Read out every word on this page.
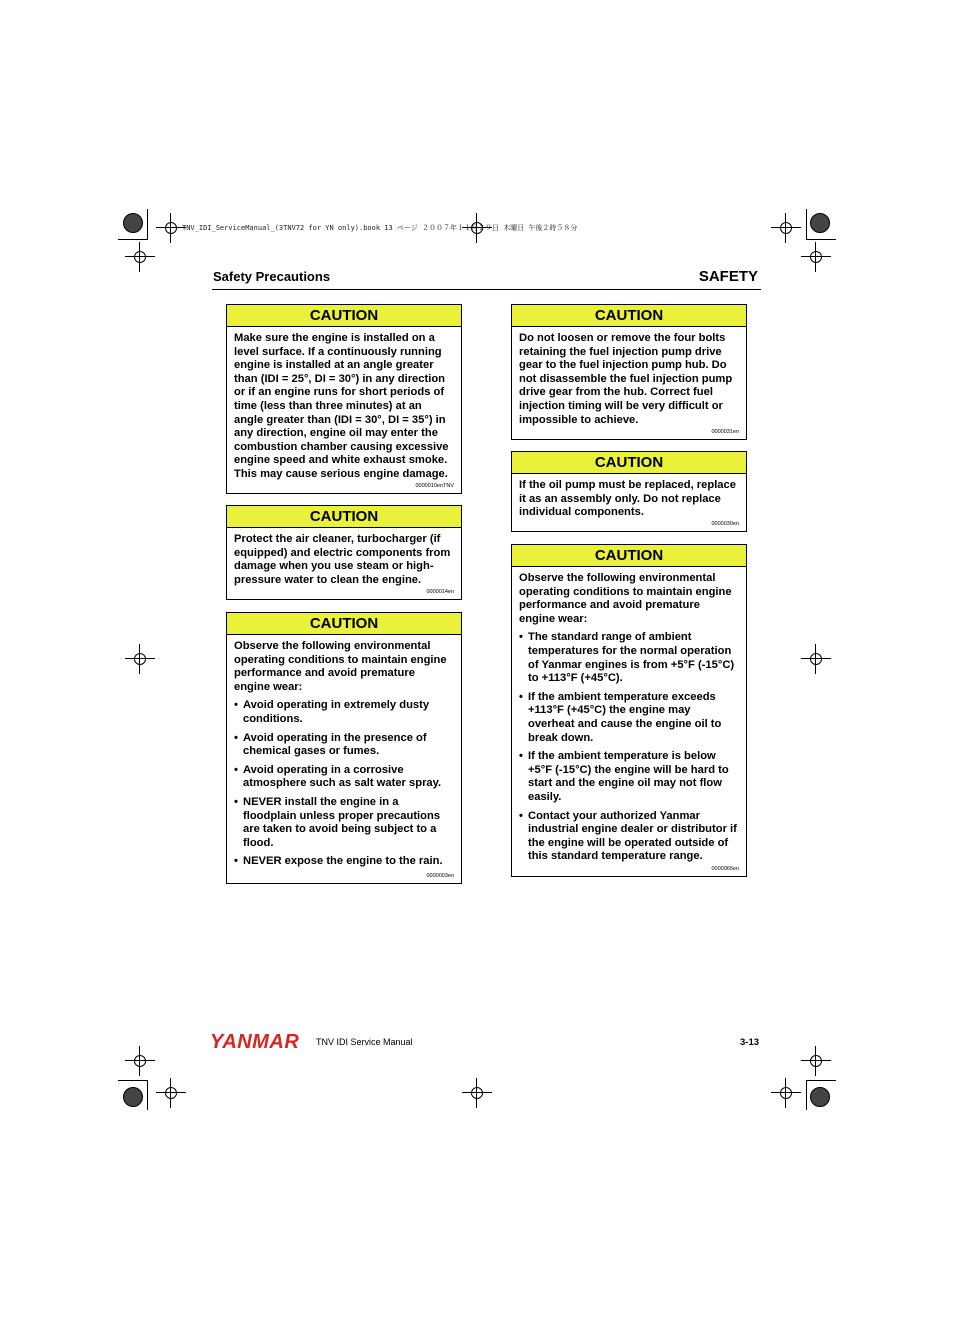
TNV_IDI_ServiceManual_(3TNV72 for YN only).book 13 ページ ２００７年１１月２９日 木曜日 午後２時５８分
Safety Precautions	SAFETY
CAUTION

Make sure the engine is installed on a level surface. If a continuously running engine is installed at an angle greater than (IDI = 25°, DI = 30°) in any direction or if an engine runs for short periods of time (less than three minutes) at an angle greater than (IDI = 30°, DI = 35°) in any direction, engine oil may enter the combustion chamber causing excessive engine speed and white exhaust smoke. This may cause serious engine damage.

0000010enTNV
CAUTION

Protect the air cleaner, turbocharger (if equipped) and electric components from damage when you use steam or high-pressure water to clean the engine.

0000014en
CAUTION

Observe the following environmental operating conditions to maintain engine performance and avoid premature engine wear:

• Avoid operating in extremely dusty conditions.
• Avoid operating in the presence of chemical gases or fumes.
• Avoid operating in a corrosive atmosphere such as salt water spray.
• NEVER install the engine in a floodplain unless proper precautions are taken to avoid being subject to a flood.
• NEVER expose the engine to the rain.
0000003en
CAUTION

Do not loosen or remove the four bolts retaining the fuel injection pump drive gear to the fuel injection pump hub. Do not disassemble the fuel injection pump drive gear from the hub. Correct fuel injection timing will be very difficult or impossible to achieve.

0000031en
CAUTION

If the oil pump must be replaced, replace it as an assembly only. Do not replace individual components.

0000030en
CAUTION

Observe the following environmental operating conditions to maintain engine performance and avoid premature engine wear:

• The standard range of ambient temperatures for the normal operation of Yanmar engines is from +5°F (-15°C) to +113°F (+45°C).
• If the ambient temperature exceeds +113°F (+45°C) the engine may overheat and cause the engine oil to break down.
• If the ambient temperature is below +5°F (-15°C) the engine will be hard to start and the engine oil may not flow easily.
• Contact your authorized Yanmar industrial engine dealer or distributor if the engine will be operated outside of this standard temperature range.
0000065en
YANMAR TNV IDI Service Manual	3-13
